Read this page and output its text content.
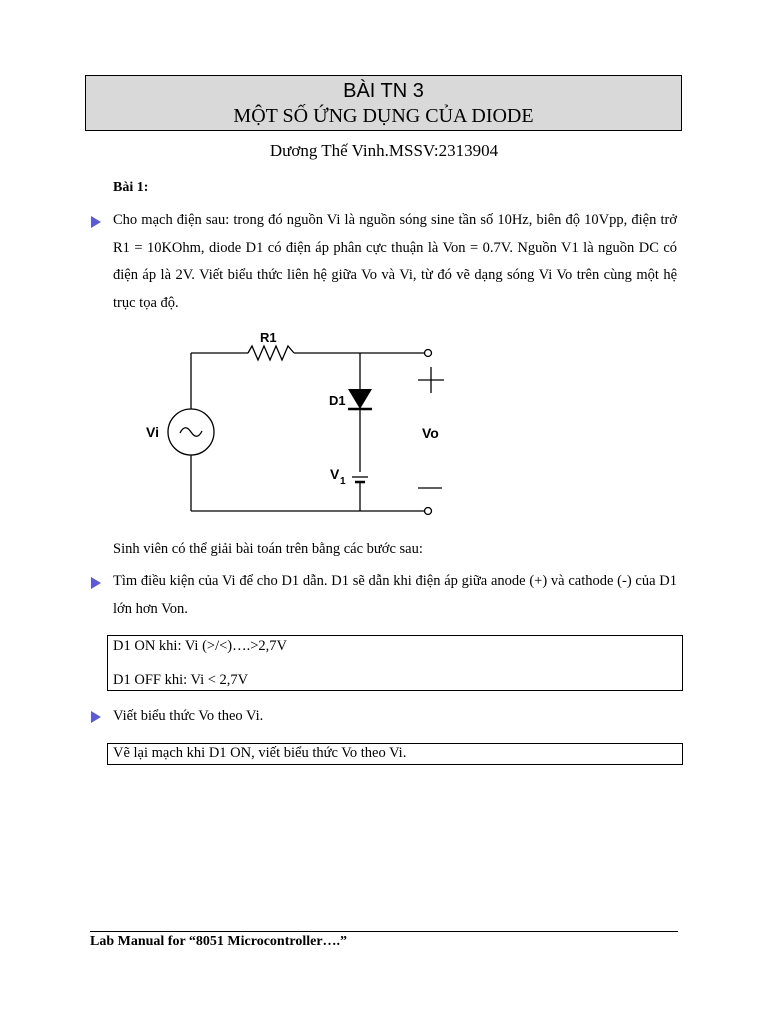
BÀI TN 3
MỘT SỐ ỨNG DỤNG CỦA DIODE
Dương Thế Vinh.MSSV:2313904
Bài 1:
Cho mạch điện sau: trong đó nguồn Vi là nguồn sóng sine tần số 10Hz, biên độ 10Vpp, điện trở R1 = 10KOhm, diode D1 có điện áp phân cực thuận là Von = 0.7V. Nguồn V1 là nguồn DC có điện áp là 2V. Viết biểu thức liên hệ giữa Vo và Vi, từ đó vẽ dạng sóng Vi Vo trên cùng một hệ trục tọa độ.
R1
D1
Vi	Vo
V 1
Sinh viên có thể giải bài toán trên bằng các bước sau:
Tìm điều kiện của Vi để cho D1 dẫn. D1 sẽ dẫn khi điện áp giữa anode (+) và cathode (-) của D1 lớn hơn Von.
D1 ON khi: Vi (>/<)….>2,7V
D1 OFF khi: Vi < 2,7V
Viết biểu thức Vo theo Vi.
Vẽ lại mạch khi D1 ON, viết biểu thức Vo theo Vi.
Lab Manual for “8051 Microcontroller….”
